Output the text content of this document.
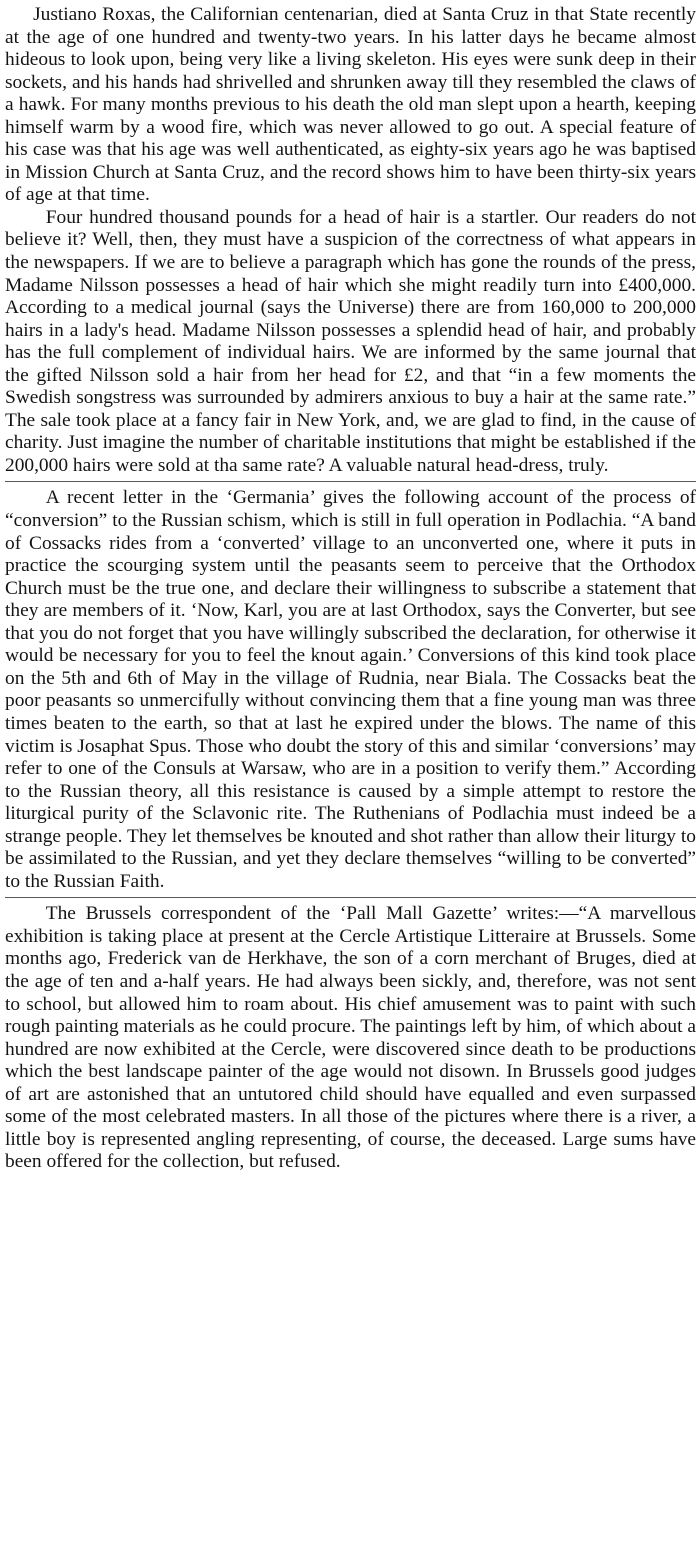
Justiano Roxas, the Californian centenarian, died at Santa Cruz in that State recently at the age of one hundred and twenty-two years. In his latter days he became almost hideous to look upon, being very like a living skeleton. His eyes were sunk deep in their sockets, and his hands had shrivelled and shrunken away till they resembled the claws of a hawk. For many months previous to his death the old man slept upon a hearth, keeping himself warm by a wood fire, which was never allowed to go out. A special feature of his case was that his age was well authenticated, as eighty-six years ago he was baptised in Mission Church at Santa Cruz, and the record shows him to have been thirty-six years of age at that time.

Four hundred thousand pounds for a head of hair is a startler. Our readers do not believe it? Well, then, they must have a suspicion of the correctness of what appears in the newspapers. If we are to believe a paragraph which has gone the rounds of the press, Madame Nilsson possesses a head of hair which she might readily turn into £400,000. According to a medical journal (says the Universe) there are from 160,000 to 200,000 hairs in a lady's head. Madame Nilsson possesses a splendid head of hair, and probably has the full complement of individual hairs. We are informed by the same journal that the gifted Nilsson sold a hair from her head for £2, and that “in a few moments the Swedish songstress was surrounded by admirers anxious to buy a hair at the same rate.” The sale took place at a fancy fair in New York, and, we are glad to find, in the cause of charity. Just imagine the number of charitable institutions that might be established if the 200,000 hairs were sold at tha same rate? A valuable natural head-dress, truly.

A recent letter in the ‘Germania’ gives the following account of the process of “conversion” to the Russian schism, which is still in full operation in Podlachia. “A band of Cossacks rides from a ‘converted’ village to an unconverted one, where it puts in practice the scourging system until the peasants seem to perceive that the Orthodox Church must be the true one, and declare their willingness to subscribe a statement that they are members of it. ‘Now, Karl, you are at last Orthodox, says the Converter, but see that you do not forget that you have willingly subscribed the declaration, for otherwise it would be necessary for you to feel the knout again.’ Conversions of this kind took place on the 5th and 6th of May in the village of Rudnia, near Biala. The Cossacks beat the poor peasants so unmercifully without convincing them that a fine young man was three times beaten to the earth, so that at last he expired under the blows. The name of this victim is Josaphat Spus. Those who doubt the story of this and similar ‘conversions’ may refer to one of the Consuls at Warsaw, who are in a position to verify them.” According to the Russian theory, all this resistance is caused by a simple attempt to restore the liturgical purity of the Sclavonic rite. The Ruthenians of Podlachia must indeed be a strange people. They let themselves be knouted and shot rather than allow their liturgy to be assimilated to the Russian, and yet they declare themselves “willing to be converted” to the Russian Faith.

The Brussels correspondent of the ‘Pall Mall Gazette’ writes:—“A marvellous exhibition is taking place at present at the Cercle Artistique Litteraire at Brussels. Some months ago, Frederick van de Herkhave, the son of a corn merchant of Bruges, died at the age of ten and a-half years. He had always been sickly, and, therefore, was not sent to school, but allowed him to roam about. His chief amusement was to paint with such rough painting materials as he could procure. The paintings left by him, of which about a hundred are now exhibited at the Cercle, were discovered since death to be productions which the best landscape painter of the age would not disown. In Brussels good judges of art are astonished that an untutored child should have equalled and even surpassed some of the most celebrated masters. In all those of the pictures where there is a river, a little boy is represented angling representing, of course, the deceased. Large sums have been offered for the collection, but refused.
